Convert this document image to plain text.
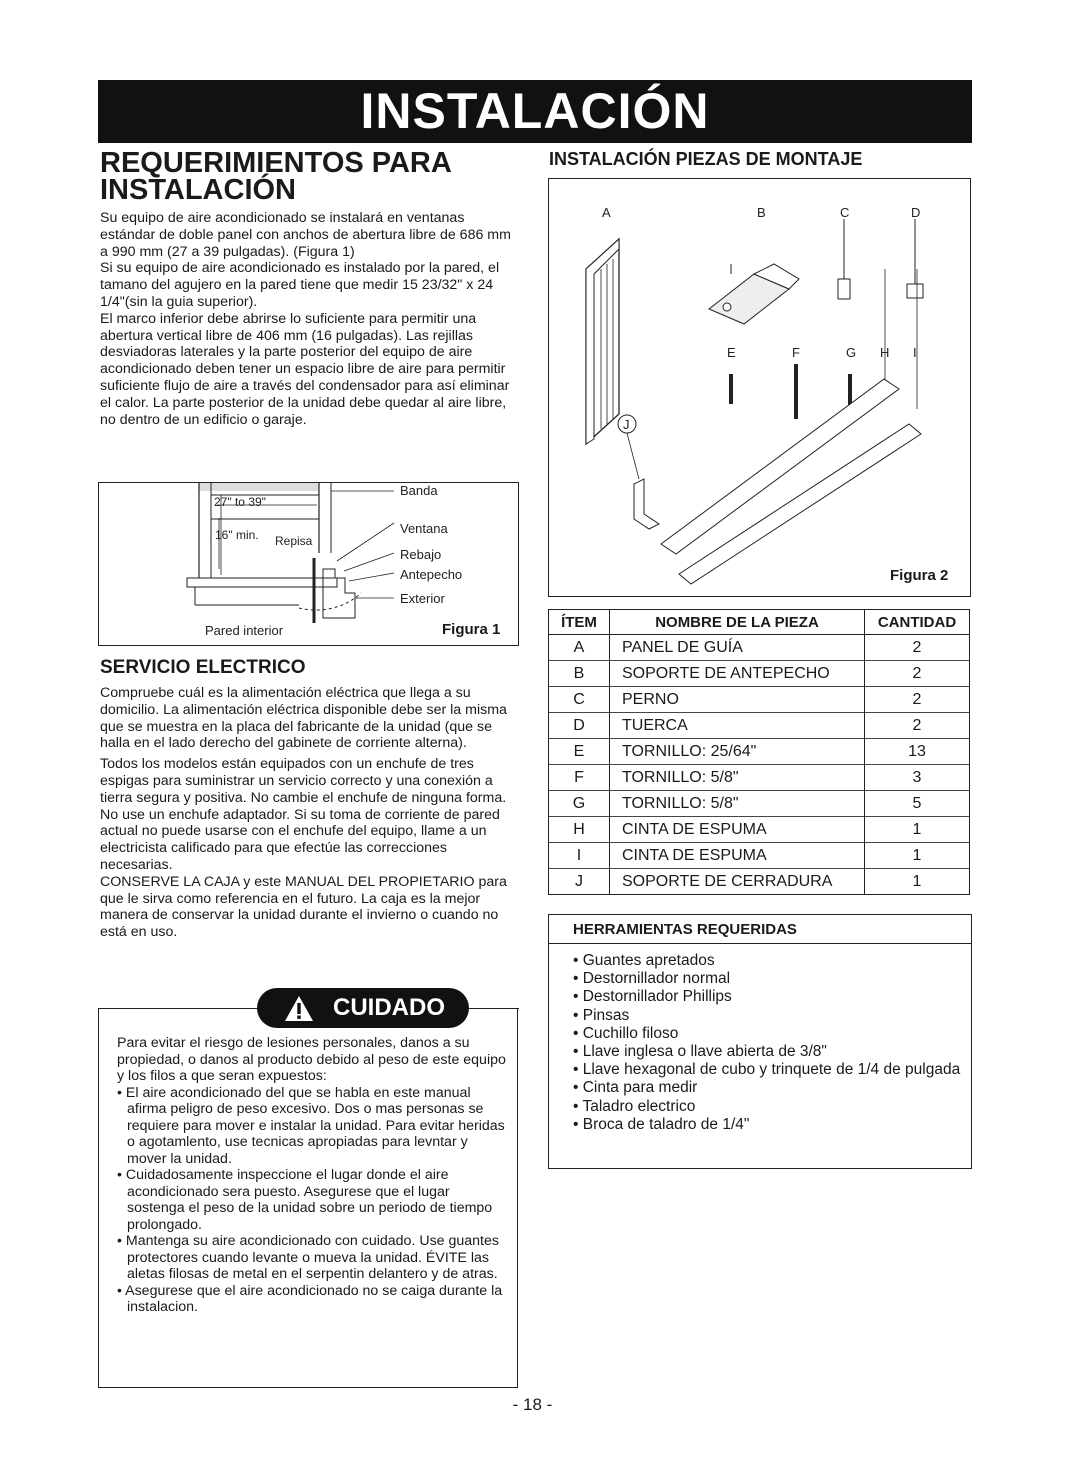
INSTALACIÓN
REQUERIMIENTOS PARA INSTALACIÓN

Su equipo de aire acondicionado se instalará en ventanas estándar de doble panel con anchos de abertura libre de 686 mm a 990 mm (27 a 39 pulgadas). (Figura 1)

Si su equipo de aire acondicionado es instalado por la pared, el tamano del agujero en la pared tiene que medir 15 23/32" x 24 1/4"(sin la guia superior).

El marco inferior debe abrirse lo suficiente para permitir una abertura vertical libre de 406 mm (16 pulgadas). Las rejillas desviadoras laterales y la parte posterior del equipo de aire acondicionado deben tener un espacio libre de aire para permitir suficiente flujo de aire a través del condensador para así eliminar el calor. La parte posterior de la unidad debe quedar al aire libre, no dentro de un edificio o garaje.

Banda
27" to 39"
Ventana
16" min. Repisa
Rebajo
Antepecho
Exterior
Pared interior	Figura 1
SERVICIO ELECTRICO

Compruebe cuál es la alimentación eléctrica que llega a su domicilio. La alimentación eléctrica disponible debe ser la misma que se muestra en la placa del fabricante de la unidad (que se halla en el lado derecho del gabinete de corriente alterna).

Todos los modelos están equipados con un enchufe de tres espigas para suministrar un servicio correcto y una conexión a tierra segura y positiva. No cambie el enchufe de ninguna forma. No use un enchufe adaptador. Si su toma de corriente de pared actual no puede usarse con el enchufe del equipo, llame a un electricista calificado para que efectúe las correcciones necesarias.

CONSERVE LA CAJA y este MANUAL DEL PROPIETARIO para que le sirva como referencia en el futuro. La caja es la mejor manera de conservar la unidad durante el invierno o cuando no está en uso.

CUIDADO

Para evitar el riesgo de lesiones personales, danos a su propiedad, o danos al producto debido al peso de este equipo y los filos a que seran expuestos:

• El aire acondicionado del que se habla en este manual afirma peligro de peso excesivo. Dos o mas personas se requiere para mover e instalar la unidad. Para evitar heridas o agotamlento, use tecnicas apropiadas para levntar y mover la unidad.
• Cuidadosamente inspeccione el lugar donde el aire acondicionado sera puesto. Asegurese que el lugar sostenga el peso de la unidad sobre un periodo de tiempo prolongado.
• Mantenga su aire acondicionado con cuidado. Use guantes protectores cuando levante o mueva la unidad. ÉVITE las aletas filosas de metal en el serpentin delantero y de atras.
• Asegurese que el aire acondicionado no se caiga durante la instalacion.
INSTALACIÓN PIEZAS DE MONTAJE
A	B	C	D
E	F	G H I
J
Figura 2
ÍTEM	NOMBRE DE LA PIEZA	CANTIDAD
A	PANEL DE GUÍA	2
B	SOPORTE DE ANTEPECHO	2
C	PERNO	2
D	TUERCA	2
E	TORNILLO: 25/64"	13
F	TORNILLO: 5/8"	3
G	TORNILLO: 5/8"	5
H	CINTA DE ESPUMA	1
I	CINTA DE ESPUMA	1
J	SOPORTE DE CERRADURA	1
HERRAMIENTAS REQUERIDAS
• Guantes apretados
• Destornillador normal
• Destornillador Phillips
• Pinsas
• Cuchillo filoso
• Llave inglesa o llave abierta de 3/8"
• Llave hexagonal de cubo y trinquete de 1/4 de pulgada
• Cinta para medir
• Taladro electrico
• Broca de taladro de 1/4"
- 18 -
